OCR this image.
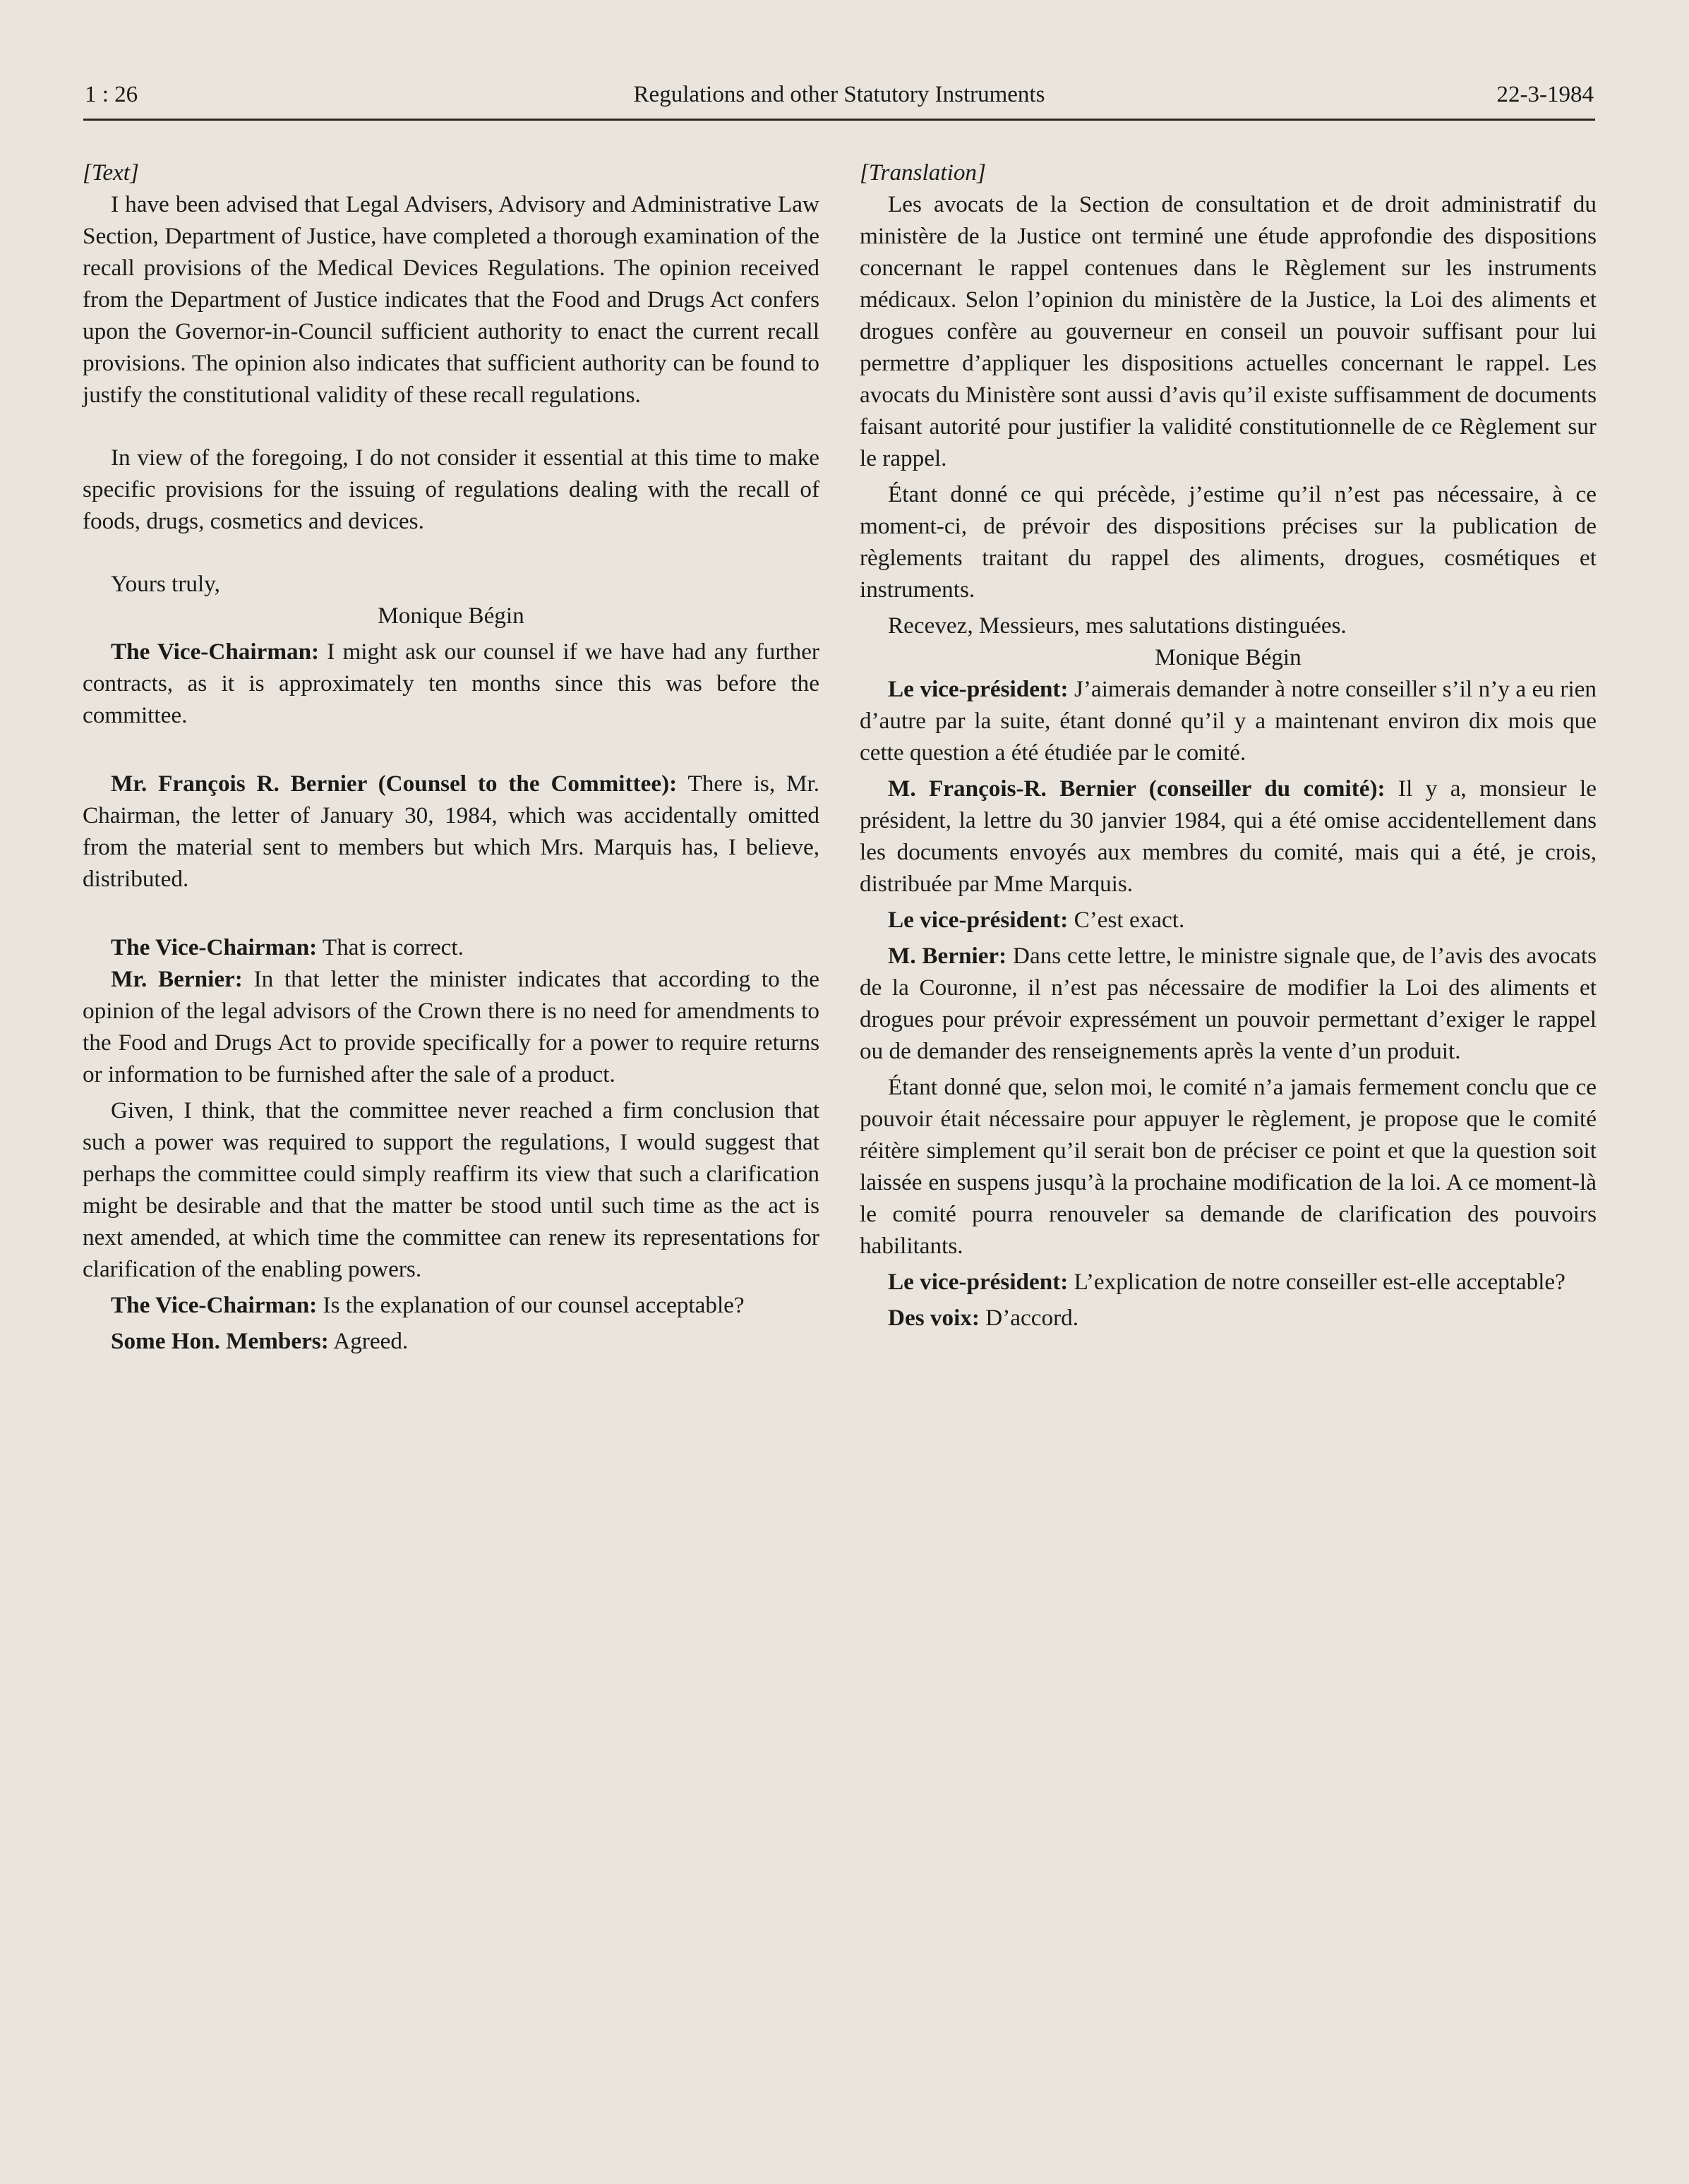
Regulations and other Statutory Instruments
1 : 26	22-3-1984

[Text]

I have been advised that Legal Advisers, Advisory and Administrative Law Section, Department of Justice, have completed a thorough examination of the recall provisions of the Medical Devices Regulations. The opinion received from the Department of Justice indicates that the Food and Drugs Act confers upon the Governor-in-Council sufficient authority to enact the current recall provisions. The opinion also indicates that sufficient authority can be found to justify the constitutional validity of these recall regulations.

In view of the foregoing, I do not consider it essential at this time to make specific provisions for the issuing of regulations dealing with the recall of foods, drugs, cosmetics and devices.

Yours truly,

Monique Bégin

The Vice-Chairman: I might ask our counsel if we have had any further contracts, as it is approximately ten months since this was before the committee.

Mr. François R. Bernier (Counsel to the Committee): There is, Mr. Chairman, the letter of January 30, 1984, which was accidentally omitted from the material sent to members but which Mrs. Marquis has, I believe, distributed.

The Vice-Chairman: That is correct.

Mr. Bernier: In that letter the minister indicates that according to the opinion of the legal advisors of the Crown there is no need for amendments to the Food and Drugs Act to provide specifically for a power to require returns or information to be furnished after the sale of a product.

Given, I think, that the committee never reached a firm conclusion that such a power was required to support the regulations, I would suggest that perhaps the committee could simply reaffirm its view that such a clarification might be desirable and that the matter be stood until such time as the act is next amended, at which time the committee can renew its representations for clarification of the enabling powers.

The Vice-Chairman: Is the explanation of our counsel acceptable?

Some Hon. Members: Agreed.

[Translation]

Les avocats de la Section de consultation et de droit administratif du ministère de la Justice ont terminé une étude approfondie des dispositions concernant le rappel contenues dans le Règlement sur les instruments médicaux. Selon l’opinion du ministère de la Justice, la Loi des aliments et drogues confère au gouverneur en conseil un pouvoir suffisant pour lui permettre d’appliquer les dispositions actuelles concernant le rappel. Les avocats du Ministère sont aussi d’avis qu’il existe suffisamment de documents faisant autorité pour justifier la validité constitutionnelle de ce Règlement sur le rappel.

Étant donné ce qui précède, j’estime qu’il n’est pas nécessaire, à ce moment-ci, de prévoir des dispositions précises sur la publication de règlements traitant du rappel des aliments, drogues, cosmétiques et instruments.

Recevez, Messieurs, mes salutations distinguées.

Monique Bégin

Le vice-président: J’aimerais demander à notre conseiller s’il n’y a eu rien d’autre par la suite, étant donné qu’il y a maintenant environ dix mois que cette question a été étudiée par le comité.

M. François-R. Bernier (conseiller du comité): Il y a, monsieur le président, la lettre du 30 janvier 1984, qui a été omise accidentellement dans les documents envoyés aux membres du comité, mais qui a été, je crois, distribuée par Mme Marquis.

Le vice-président: C’est exact.

M. Bernier: Dans cette lettre, le ministre signale que, de l’avis des avocats de la Couronne, il n’est pas nécessaire de modifier la Loi des aliments et drogues pour prévoir expressément un pouvoir permettant d’exiger le rappel ou de demander des renseignements après la vente d’un produit.

Étant donné que, selon moi, le comité n’a jamais fermement conclu que ce pouvoir était nécessaire pour appuyer le règlement, je propose que le comité réitère simplement qu’il serait bon de préciser ce point et que la question soit laissée en suspens jusqu’à la prochaine modification de la loi. A ce moment-là le comité pourra renouveler sa demande de clarification des pouvoirs habilitants.

Le vice-président: L’explication de notre conseiller est-elle acceptable?

Des voix: D’accord.
